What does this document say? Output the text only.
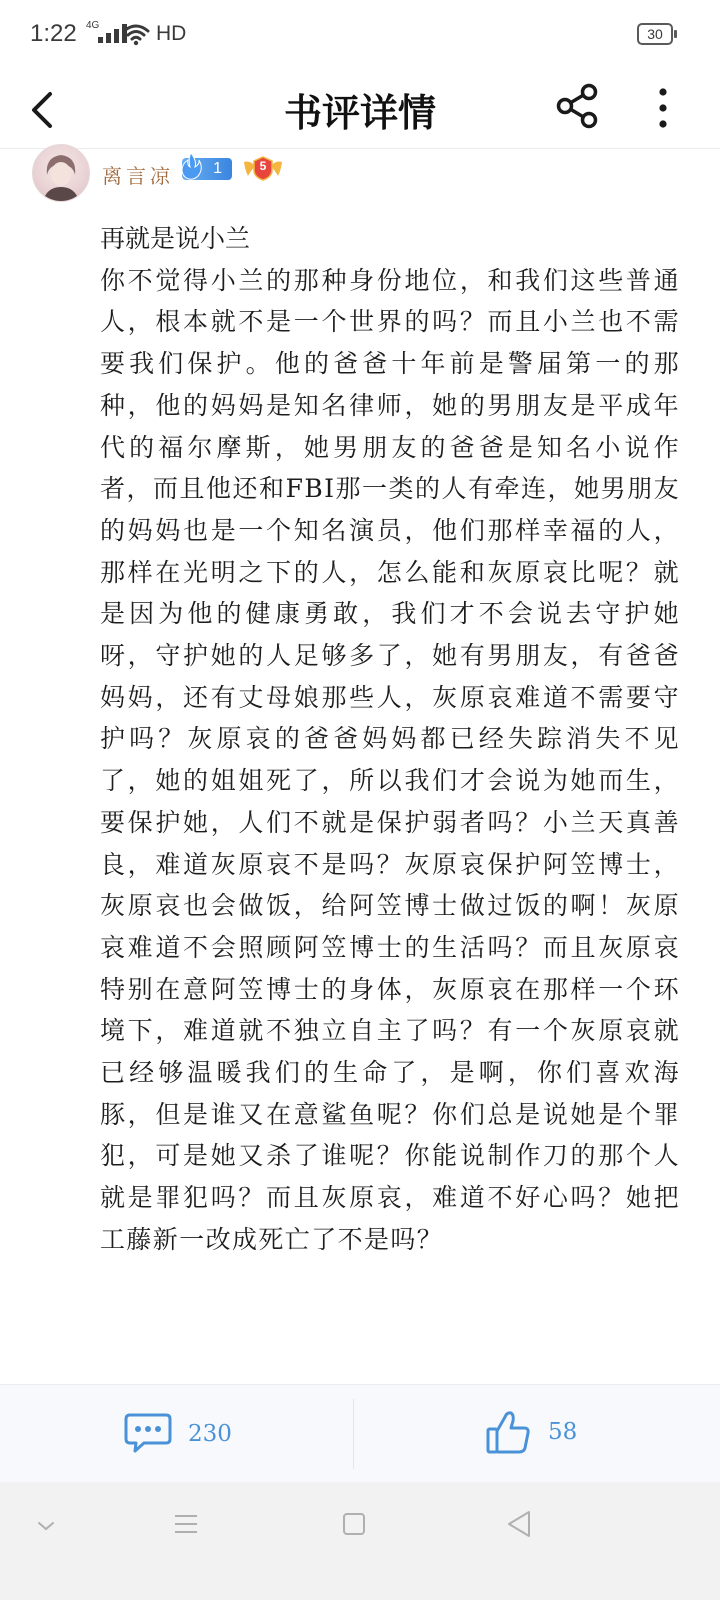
1:22 4G	HD	30
书评详情
离言凉	1	5
再就是说小兰
你不觉得小兰的那种身份地位，和我们这些普通人，根本就不是一个世界的吗？而且小兰也不需要我们保护。他的爸爸十年前是警届第一的那种，他的妈妈是知名律师，她的男朋友是平成年代的福尔摩斯，她男朋友的爸爸是知名小说作者，而且他还和FBI那一类的人有牵连，她男朋友的妈妈也是一个知名演员，他们那样幸福的人，那样在光明之下的人，怎么能和灰原哀比呢？就是因为他的健康勇敢，我们才不会说去守护她呀，守护她的人足够多了，她有男朋友，有爸爸妈妈，还有丈母娘那些人，灰原哀难道不需要守护吗？灰原哀的爸爸妈妈都已经失踪消失不见了，她的姐姐死了，所以我们才会说为她而生，要保护她，人们不就是保护弱者吗？小兰天真善良，难道灰原哀不是吗？灰原哀保护阿笠博士，灰原哀也会做饭，给阿笠博士做过饭的啊！灰原哀难道不会照顾阿笠博士的生活吗？而且灰原哀特别在意阿笠博士的身体，灰原哀在那样一个环境下，难道就不独立自主了吗？有一个灰原哀就已经够温暖我们的生命了，是啊，你们喜欢海豚，但是谁又在意鲨鱼呢？你们总是说她是个罪犯，可是她又杀了谁呢？你能说制作刀的那个人就是罪犯吗？而且灰原哀，难道不好心吗？她把工藤新一改成死亡了不是吗？
230	58
